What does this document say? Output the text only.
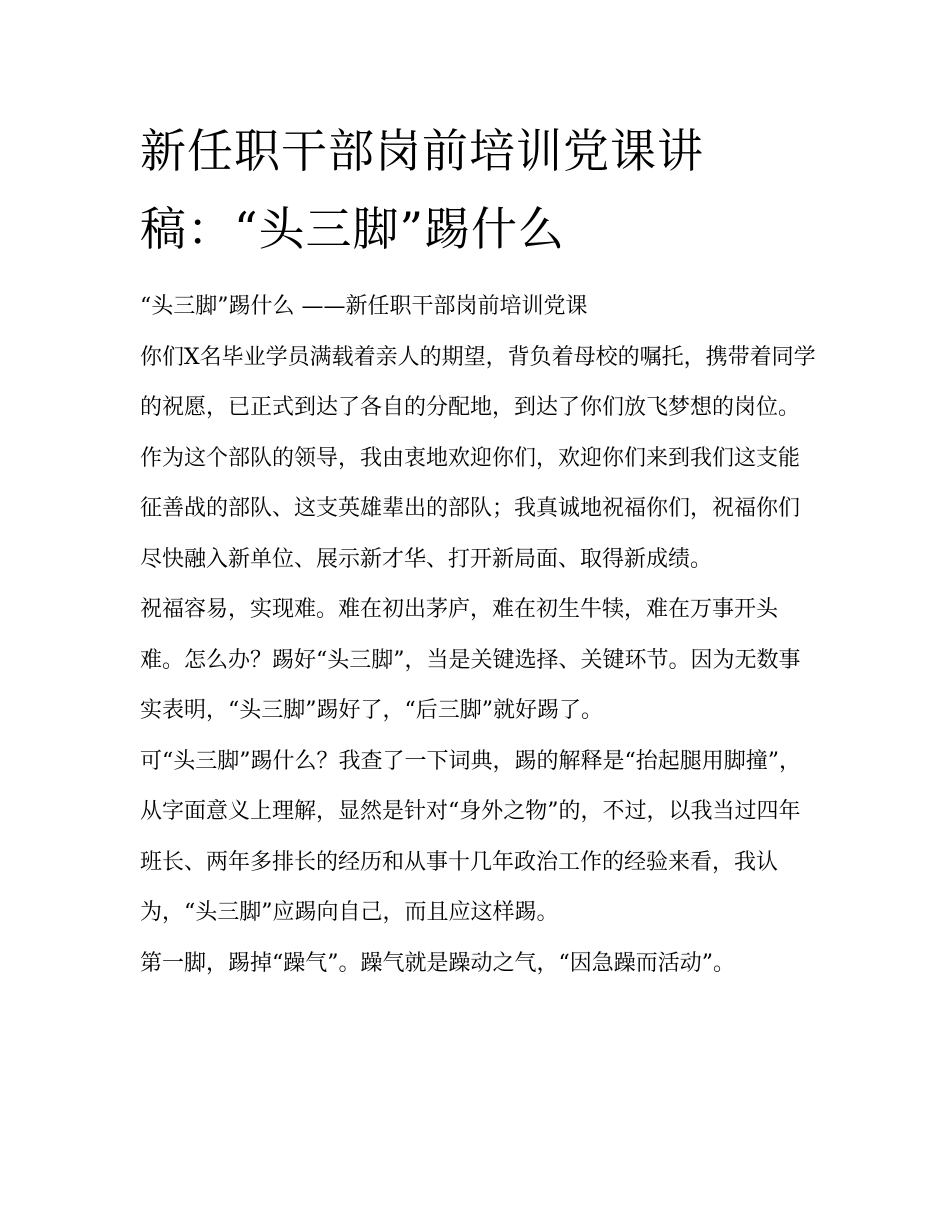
新任职干部岗前培训党课讲稿：“头三脚”踢什么

“头三脚”踢什么 ——新任职干部岗前培训党课

你们X名毕业学员满载着亲人的期望，背负着母校的嘱托，携带着同学的祝愿，已正式到达了各自的分配地，到达了你们放飞梦想的岗位。作为这个部队的领导，我由衷地欢迎你们，欢迎你们来到我们这支能征善战的部队、这支英雄辈出的部队；我真诚地祝福你们，祝福你们尽快融入新单位、展示新才华、打开新局面、取得新成绩。

祝福容易，实现难。难在初出茅庐，难在初生牛犊，难在万事开头难。怎么办？踢好“头三脚”，当是关键选择、关键环节。因为无数事实表明，“头三脚”踢好了，“后三脚”就好踢了。

可“头三脚”踢什么？我查了一下词典，踢的解释是“抬起腿用脚撞”，从字面意义上理解，显然是针对“身外之物”的，不过，以我当过四年班长、两年多排长的经历和从事十几年政治工作的经验来看，我认为，“头三脚”应踢向自己，而且应这样踢。

第一脚，踢掉“躁气”。躁气就是躁动之气，“因急躁而活动”。
